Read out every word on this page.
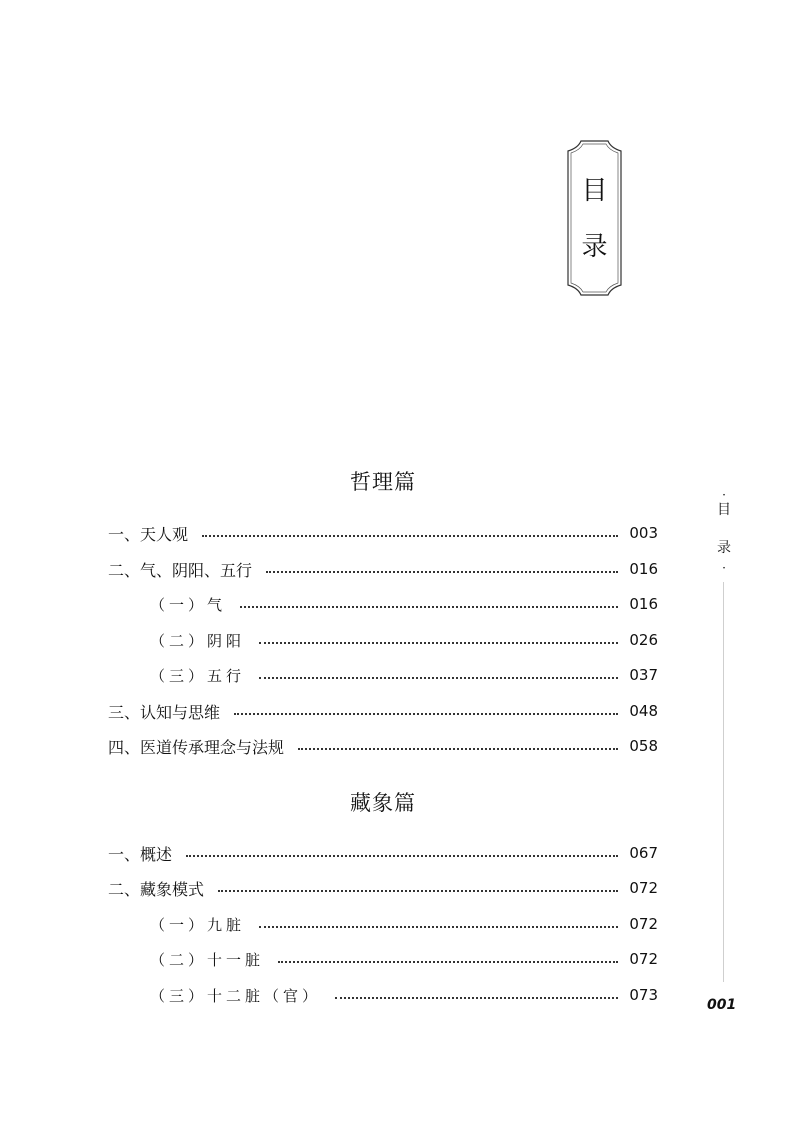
目
录
哲理篇
一、天人观	003
二、气、阴阳、五行	016
（一）气	016
（二）阴阳	026
（三）五行	037
三、认知与思维	048
四、医道传承理念与法规	058
藏象篇
一、概述	067
二、藏象模式	072
（一）九脏	072
（二）十一脏	072
（三）十二脏（官）	073
·
目
录
·
001
